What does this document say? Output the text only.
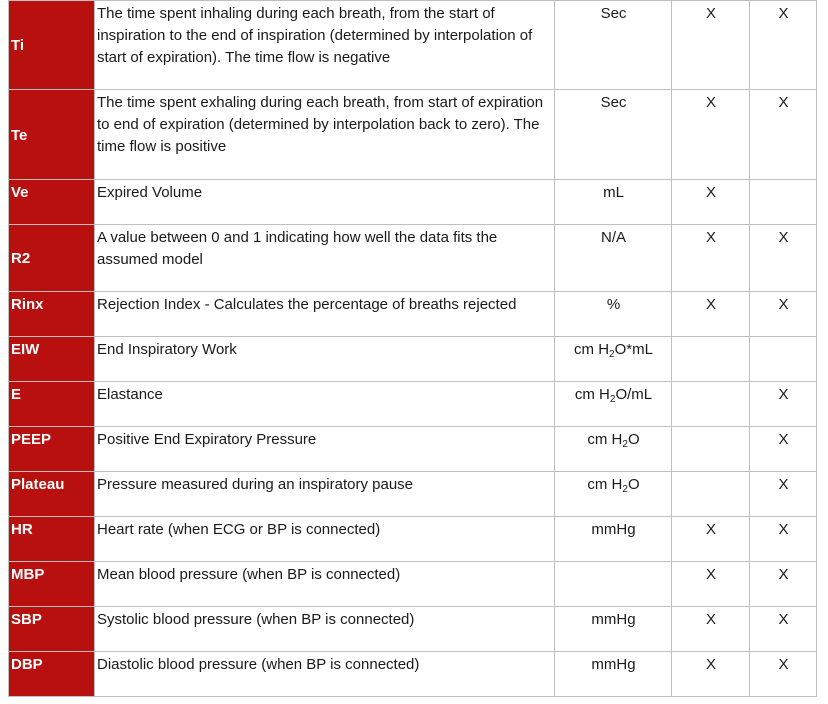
Ti	The time spent inhaling during each breath, from the start of inspiration to the end of inspiration (determined by interpolation of start of expiration). The time flow is negative	Sec	X	X
Te	The time spent exhaling during each breath, from start of expiration to end of expiration (determined by interpolation back to zero). The time flow is positive	Sec	X	X
Ve	Expired Volume	mL	X	
R2	A value between 0 and 1 indicating how well the data fits the assumed model	N/A	X	X
Rinx	Rejection Index - Calculates the percentage of breaths rejected	%	X	X
EIW	End Inspiratory Work	cm $H_2O*mL$		
E	Elastance	cm $H_2O/mL$		X
PEEP	Positive End Expiratory Pressure	cm $H_2O$		X
Plateau	Pressure measured during an inspiratory pause	cm $H_2O$		X
HR	Heart rate (when ECG or BP is connected)	mmHg	X	X
MBP	Mean blood pressure (when BP is connected)		X	X
SBP	Systolic blood pressure (when BP is connected)	mmHg	X	X
DBP	Diastolic blood pressure (when BP is connected)	mmHg	X	X
